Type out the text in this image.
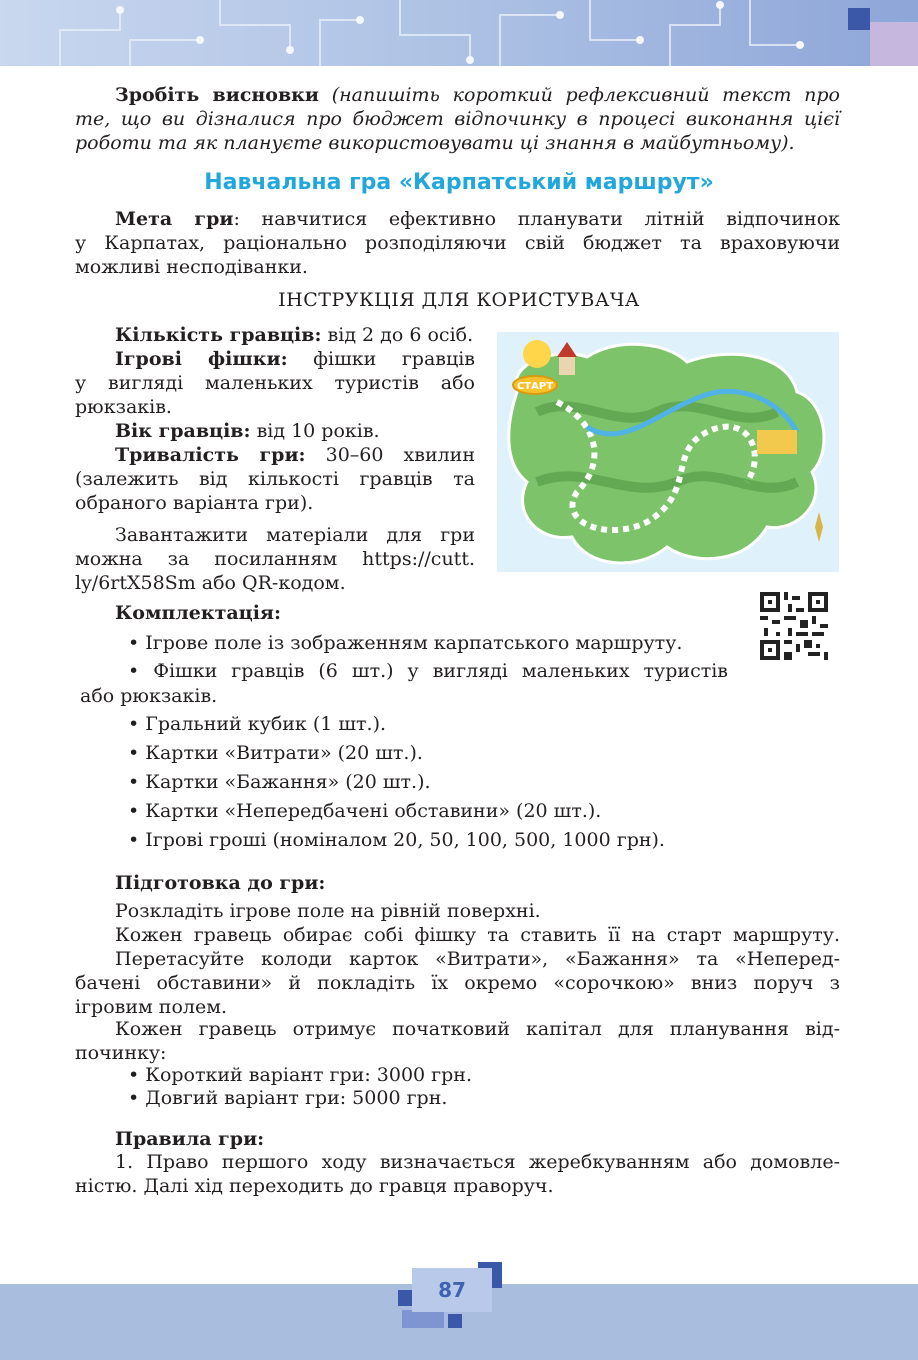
Зробіть висновки (напишіть короткий рефлексивний текст про
те, що ви дізналися про бюджет відпочинку в процесі виконання цієї
роботи та як плануєте використовувати ці знання в майбутньому).
Навчальна гра «Карпатський маршрут»
Мета гри: навчитися ефективно планувати літній відпочинок
у Карпатах, раціонально розподіляючи свій бюджет та враховуючи
можливі несподіванки.
ІНСТРУКЦІЯ ДЛЯ КОРИСТУВАЧА
Кількість гравців: від 2 до 6 осіб.
Ігрові фішки: фішки гравців
у вигляді маленьких туристів або
рюкзаків.
Вік гравців: від 10 років.
Тривалість гри: 30–60 хвилин
(залежить від кількості гравців та
обраного варіанта гри).
Завантажити матеріали для гри
можна за посиланням https://cutt.
ly/6rtX58Sm або QR-кодом.
СТАРТ
Комплектація:
• Ігрове поле із зображенням карпатського маршруту.
• Фішки гравців (6 шт.) у вигляді маленьких туристів
або рюкзаків.
• Гральний кубик (1 шт.).
• Картки «Витрати» (20 шт.).
• Картки «Бажання» (20 шт.).
• Картки «Непередбачені обставини» (20 шт.).
• Ігрові гроші (номіналом 20, 50, 100, 500, 1000 грн).
Підготовка до гри:
Розкладіть ігрове поле на рівній поверхні.
Кожен гравець обирає собі фішку та ставить її на старт маршруту.
Перетасуйте колоди карток «Витрати», «Бажання» та «Неперед-
бачені обставини» й покладіть їх окремо «сорочкою» вниз поруч з
ігровим полем.
Кожен гравець отримує початковий капітал для планування від-
починку:
• Короткий варіант гри: 3000 грн.
• Довгий варіант гри: 5000 грн.
Правила гри:
1. Право першого ходу визначається жеребкуванням або домовле-
ністю. Далі хід переходить до гравця праворуч.
87
